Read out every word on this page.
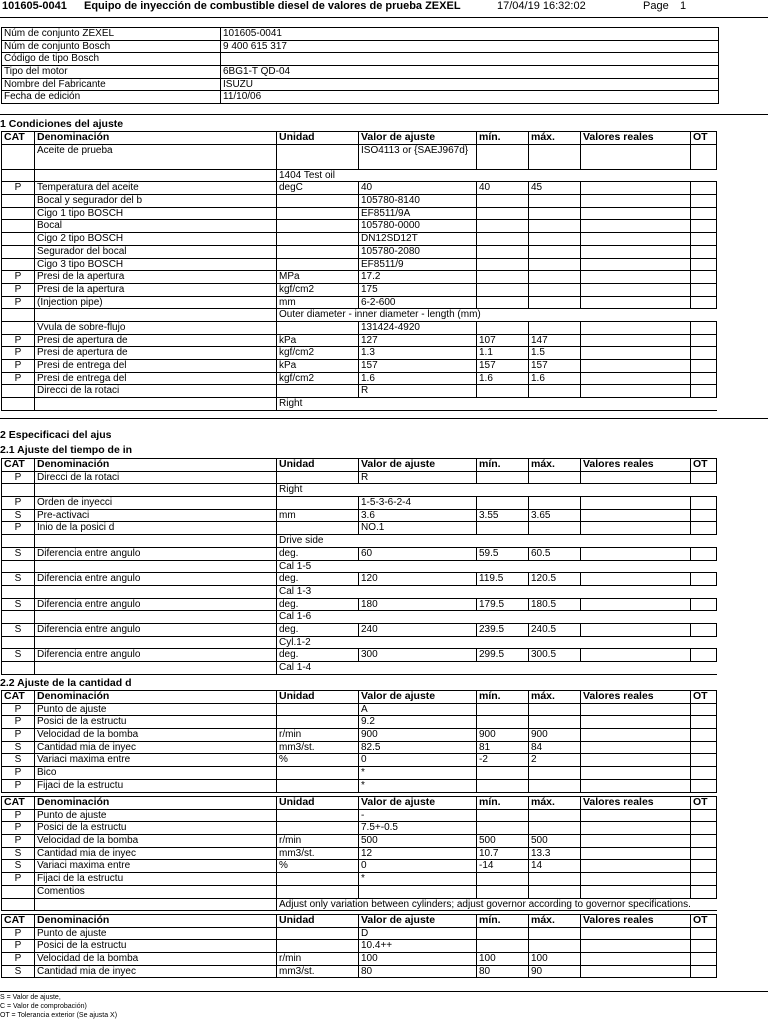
101605-0041 Equipo de inyección de combustible diesel de valores de prueba ZEXEL	17/04/19 16:32:02	Page 1
Núm de conjunto ZEXEL	101605-0041
Núm de conjunto Bosch	9 400 615 317
Código de tipo Bosch	
Tipo del motor	6BG1-T QD-04
Nombre del Fabricante	ISUZU
Fecha de edición	11/10/06
1 Condiciones del ajuste
CAT	Denominación	Unidad	Valor de ajuste	mín.	máx.	Valores reales	OT
	Aceite de prueba		ISO4113 or {SAEJ967d}				
		1404 Test oil					
P	Temperatura del aceite	degC	40	40	45		
	Bocal y segurador del b		105780-8140				
	Cigo 1 tipo BOSCH		EF8511/9A				
	Bocal		105780-0000				
	Cigo 2 tipo BOSCH		DN12SD12T				
	Segurador del bocal		105780-2080				
	Cigo 3 tipo BOSCH		EF8511/9				
P	Presi de la apertura	MPa	17.2				
P	Presi de la apertura	kgf/cm2	175				
P	(Injection pipe)	mm	6-2-600				
		Outer diameter - inner diameter - length (mm)					
	Vvula de sobre-flujo		131424-4920				
P	Presi de apertura de	kPa	127	107	147		
P	Presi de apertura de	kgf/cm2	1.3	1.1	1.5		
P	Presi de entrega del	kPa	157	157	157		
P	Presi de entrega del	kgf/cm2	1.6	1.6	1.6		
	Direcci de la rotaci		R				
		Right					
2 Especificaci del ajus
2.1 Ajuste del tiempo de in
CAT	Denominación	Unidad	Valor de ajuste	mín.	máx.	Valores reales	OT
P	Direcci de la rotaci		R				
		Right					
P	Orden de inyecci		1-5-3-6-2-4				
S	Pre-activaci	mm	3.6	3.55	3.65		
P	Inio de la posici d		NO.1				
		Drive side					
S	Diferencia entre angulo	deg.	60	59.5	60.5		
		Cal 1-5					
S	Diferencia entre angulo	deg.	120	119.5	120.5		
		Cal 1-3					
S	Diferencia entre angulo	deg.	180	179.5	180.5		
		Cal 1-6					
S	Diferencia entre angulo	deg.	240	239.5	240.5		
		Cyl.1-2					
S	Diferencia entre angulo	deg.	300	299.5	300.5		
		Cal 1-4					
2.2 Ajuste de la cantidad d
CAT	Denominación	Unidad	Valor de ajuste	mín.	máx.	Valores reales	OT
P	Punto de ajuste		A				
P	Posici de la estructu		9.2				
P	Velocidad de la bomba	r/min	900	900	900		
S	Cantidad mia de inyec	mm3/st.	82.5	81	84		
S	Variaci maxima entre	%	0	-2	2		
P	Bico		*				
P	Fijaci de la estructu		*				
CAT	Denominación	Unidad	Valor de ajuste	mín.	máx.	Valores reales	OT
P	Punto de ajuste		-				
P	Posici de la estructu		7.5+-0.5				
P	Velocidad de la bomba	r/min	500	500	500		
S	Cantidad mia de inyec	mm3/st.	12	10.7	13.3		
S	Variaci maxima entre	%	0	-14	14		
P	Fijaci de la estructu		*				
	Comentios						
		Adjust only variation between cylinders; adjust governor according to governor specifications.					
CAT	Denominación	Unidad	Valor de ajuste	mín.	máx.	Valores reales	OT
P	Punto de ajuste		D				
P	Posici de la estructu		10.4++				
P	Velocidad de la bomba	r/min	100	100	100		
S	Cantidad mia de inyec	mm3/st.	80	80	90		
S = Valor de ajuste,
C = Valor de comprobación)
OT = Tolerancia exterior (Se ajusta X)
